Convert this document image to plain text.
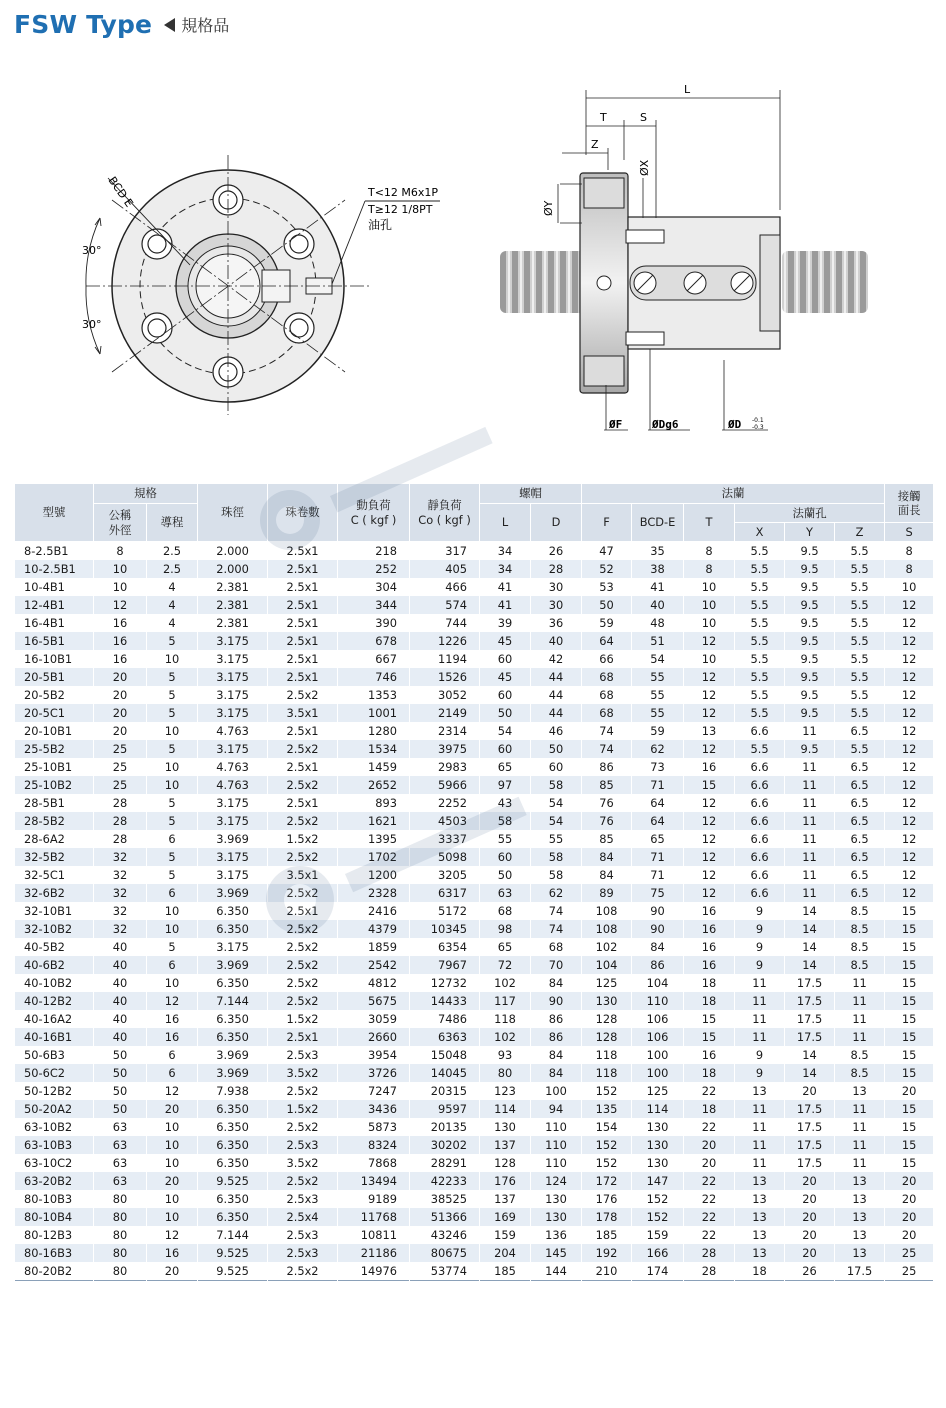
FSW Type 規格品
BCD E
30°
30°
T<12 M6x1P
T≥12 1/8PT
油孔
L
T	S
Z
ØX
ØY
ØF	ØDg6	ØD -0.1
-0.3
型號	規格		珠徑	珠卷數	動負荷
C ( kgf )	靜負荷
Co ( kgf )	螺帽		法蘭						接觸
面長
	公稱
外徑	導程					L	D	F	BCD-E	T	法蘭孔			
												X	Y	Z	S
8-2.5B1	8	2.5	2.000	2.5x1	218	317	34	26	47	35	8	5.5	9.5	5.5	8
10-2.5B1	10	2.5	2.000	2.5x1	252	405	34	28	52	38	8	5.5	9.5	5.5	8
10-4B1	10	4	2.381	2.5x1	304	466	41	30	53	41	10	5.5	9.5	5.5	10
12-4B1	12	4	2.381	2.5x1	344	574	41	30	50	40	10	5.5	9.5	5.5	12
16-4B1	16	4	2.381	2.5x1	390	744	39	36	59	48	10	5.5	9.5	5.5	12
16-5B1	16	5	3.175	2.5x1	678	1226	45	40	64	51	12	5.5	9.5	5.5	12
16-10B1	16	10	3.175	2.5x1	667	1194	60	42	66	54	10	5.5	9.5	5.5	12
20-5B1	20	5	3.175	2.5x1	746	1526	45	44	68	55	12	5.5	9.5	5.5	12
20-5B2	20	5	3.175	2.5x2	1353	3052	60	44	68	55	12	5.5	9.5	5.5	12
20-5C1	20	5	3.175	3.5x1	1001	2149	50	44	68	55	12	5.5	9.5	5.5	12
20-10B1	20	10	4.763	2.5x1	1280	2314	54	46	74	59	13	6.6	11	6.5	12
25-5B2	25	5	3.175	2.5x2	1534	3975	60	50	74	62	12	5.5	9.5	5.5	12
25-10B1	25	10	4.763	2.5x1	1459	2983	65	60	86	73	16	6.6	11	6.5	12
25-10B2	25	10	4.763	2.5x2	2652	5966	97	58	85	71	15	6.6	11	6.5	12
28-5B1	28	5	3.175	2.5x1	893	2252	43	54	76	64	12	6.6	11	6.5	12
28-5B2	28	5	3.175	2.5x2	1621	4503	58	54	76	64	12	6.6	11	6.5	12
28-6A2	28	6	3.969	1.5x2	1395	3337	55	55	85	65	12	6.6	11	6.5	12
32-5B2	32	5	3.175	2.5x2	1702	5098	60	58	84	71	12	6.6	11	6.5	12
32-5C1	32	5	3.175	3.5x1	1200	3205	50	58	84	71	12	6.6	11	6.5	12
32-6B2	32	6	3.969	2.5x2	2328	6317	63	62	89	75	12	6.6	11	6.5	12
32-10B1	32	10	6.350	2.5x1	2416	5172	68	74	108	90	16	9	14	8.5	15
32-10B2	32	10	6.350	2.5x2	4379	10345	98	74	108	90	16	9	14	8.5	15
40-5B2	40	5	3.175	2.5x2	1859	6354	65	68	102	84	16	9	14	8.5	15
40-6B2	40	6	3.969	2.5x2	2542	7967	72	70	104	86	16	9	14	8.5	15
40-10B2	40	10	6.350	2.5x2	4812	12732	102	84	125	104	18	11	17.5	11	15
40-12B2	40	12	7.144	2.5x2	5675	14433	117	90	130	110	18	11	17.5	11	15
40-16A2	40	16	6.350	1.5x2	3059	7486	118	86	128	106	15	11	17.5	11	15
40-16B1	40	16	6.350	2.5x1	2660	6363	102	86	128	106	15	11	17.5	11	15
50-6B3	50	6	3.969	2.5x3	3954	15048	93	84	118	100	16	9	14	8.5	15
50-6C2	50	6	3.969	3.5x2	3726	14045	80	84	118	100	18	9	14	8.5	15
50-12B2	50	12	7.938	2.5x2	7247	20315	123	100	152	125	22	13	20	13	20
50-20A2	50	20	6.350	1.5x2	3436	9597	114	94	135	114	18	11	17.5	11	15
63-10B2	63	10	6.350	2.5x2	5873	20135	130	110	154	130	22	11	17.5	11	15
63-10B3	63	10	6.350	2.5x3	8324	30202	137	110	152	130	20	11	17.5	11	15
63-10C2	63	10	6.350	3.5x2	7868	28291	128	110	152	130	20	11	17.5	11	15
63-20B2	63	20	9.525	2.5x2	13494	42233	176	124	172	147	22	13	20	13	20
80-10B3	80	10	6.350	2.5x3	9189	38525	137	130	176	152	22	13	20	13	20
80-10B4	80	10	6.350	2.5x4	11768	51366	169	130	178	152	22	13	20	13	20
80-12B3	80	12	7.144	2.5x3	10811	43246	159	136	185	159	22	13	20	13	20
80-16B3	80	16	9.525	2.5x3	21186	80675	204	145	192	166	28	13	20	13	25
80-20B2	80	20	9.525	2.5x2	14976	53774	185	144	210	174	28	18	26	17.5	25
